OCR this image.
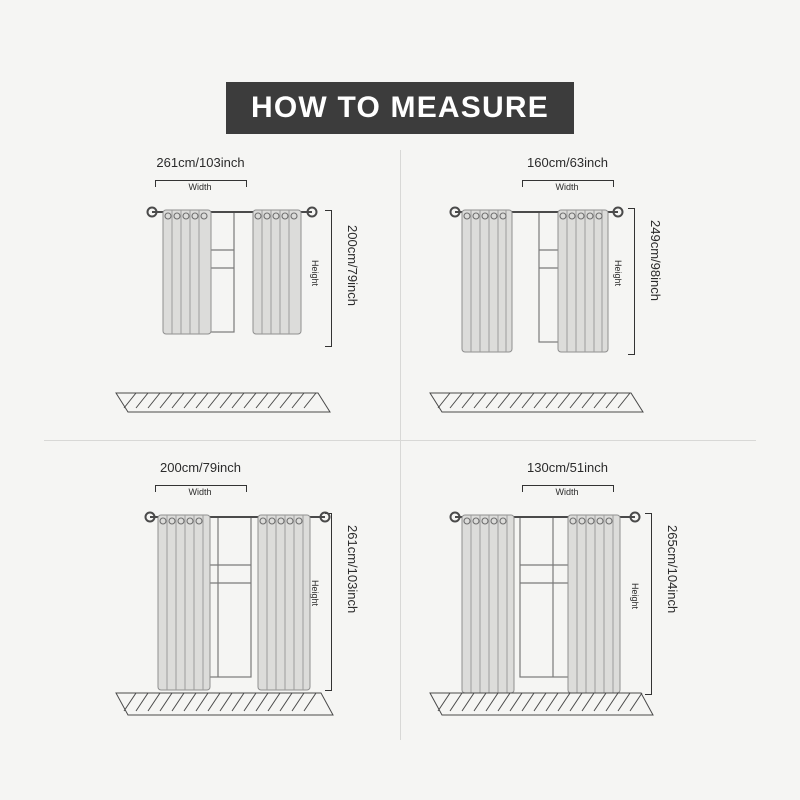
HOW TO MEASURE
261cm/103inch
Width
200cm/79inch
Height
160cm/63inch
Width
249cm/98inch
Height
200cm/79inch
Width
261cm/103inch
Height
130cm/51inch
Width
265cm/104inch
Height
